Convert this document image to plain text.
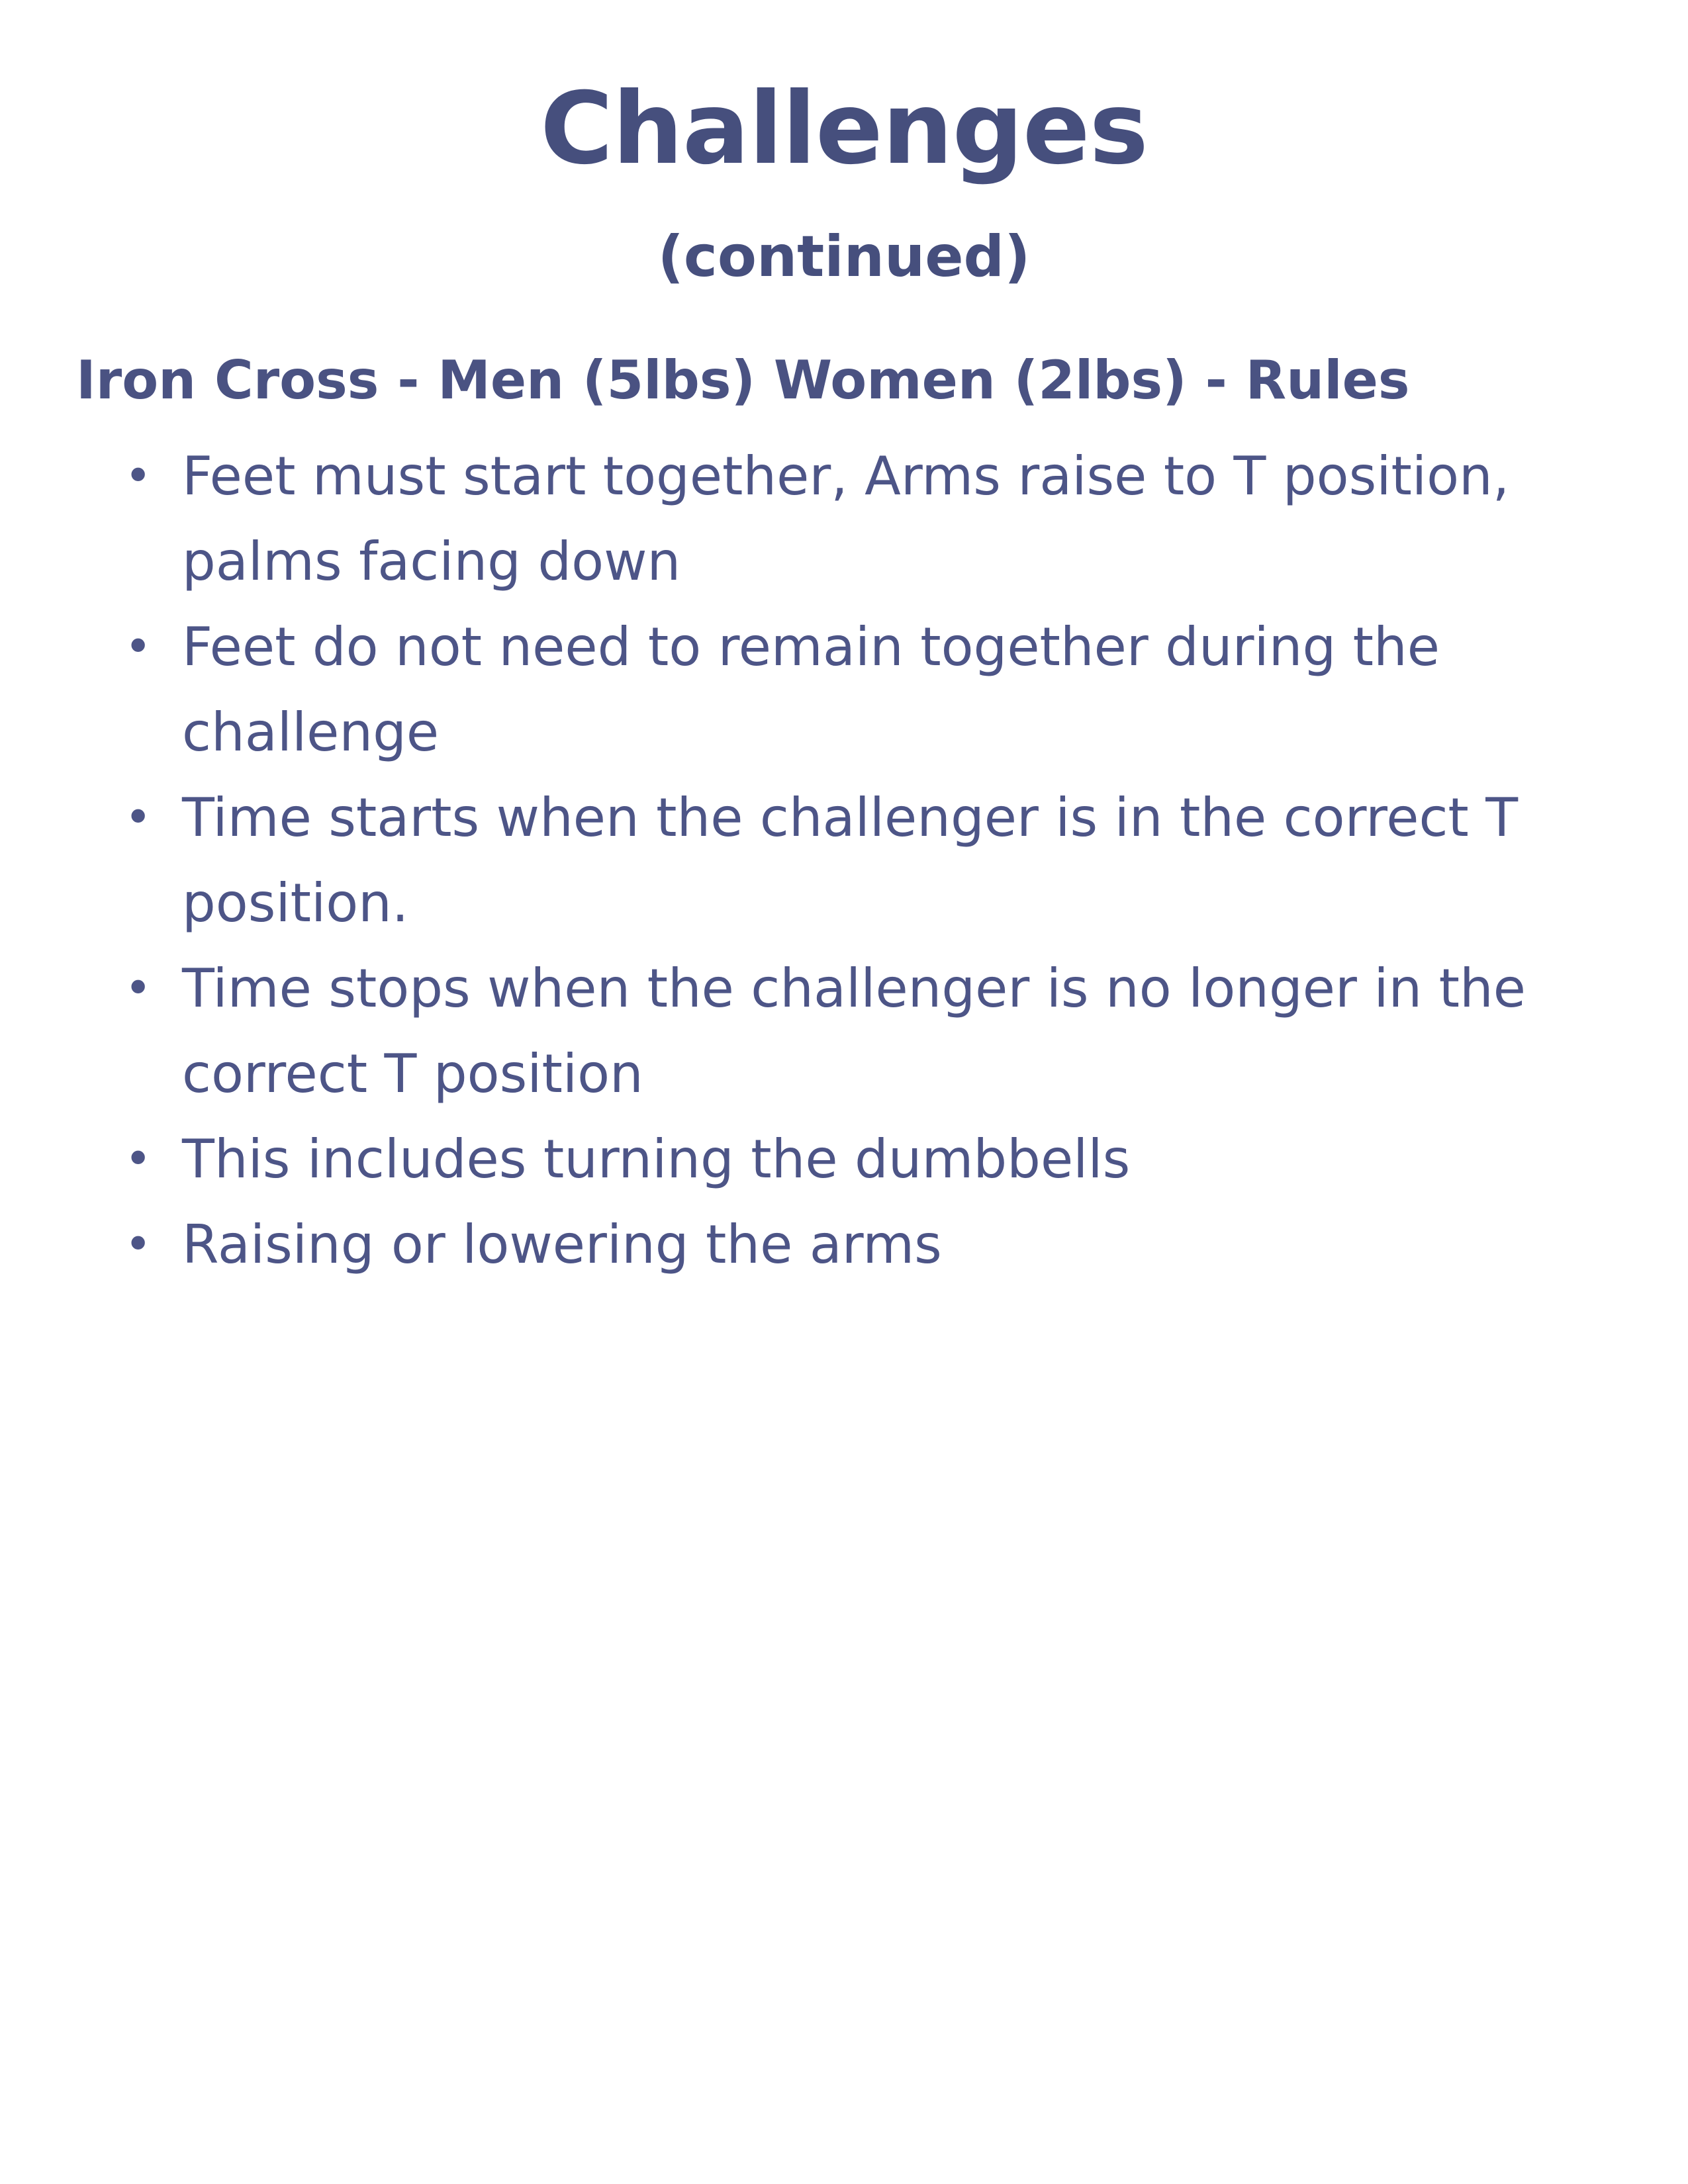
Challenges
(continued)
Iron Cross - Men (5lbs) Women (2lbs) - Rules
• Feet must start together, Arms raise to T position, palms facing down
• Feet do not need to remain together during the challenge
• Time starts when the challenger is in the correct T position.
• Time stops when the challenger is no longer in the correct T position
• This includes turning the dumbbells
• Raising or lowering the arms
